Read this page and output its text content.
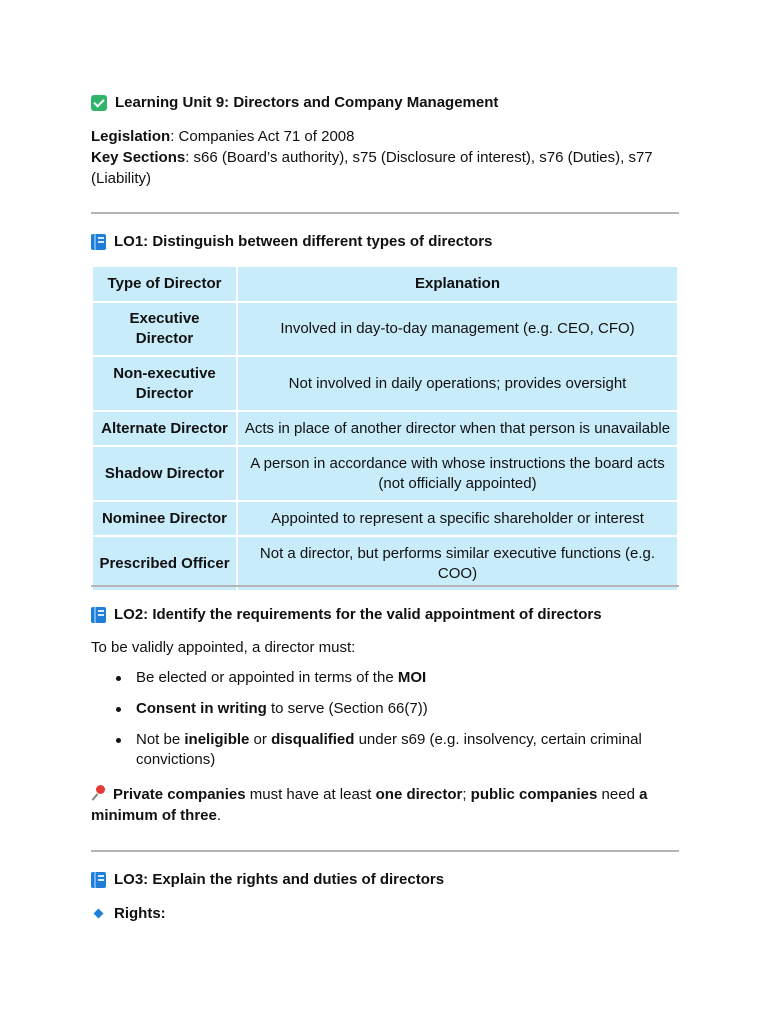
Learning Unit 9: Directors and Company Management
Legislation: Companies Act 71 of 2008
Key Sections: s66 (Board’s authority), s75 (Disclosure of interest), s76 (Duties), s77
(Liability)
LO1: Distinguish between different types of directors
Type of Director	Explanation
Executive Director	Involved in day-to-day management (e.g. CEO, CFO)
Non-executive Director	Not involved in daily operations; provides oversight
Alternate Director	Acts in place of another director when that person is unavailable
Shadow Director	A person in accordance with whose instructions the board acts (not officially appointed)
Nominee Director	Appointed to represent a specific shareholder or interest
Prescribed Officer	Not a director, but performs similar executive functions (e.g. COO)
LO2: Identify the requirements for the valid appointment of directors
To be validly appointed, a director must:
Be elected or appointed in terms of the MOI
Consent in writing to serve (Section 66(7))
Not be ineligible or disqualified under s69 (e.g. insolvency, certain criminal convictions)
Private companies must have at least one director; public companies need a minimum of three.
LO3: Explain the rights and duties of directors
Rights:
